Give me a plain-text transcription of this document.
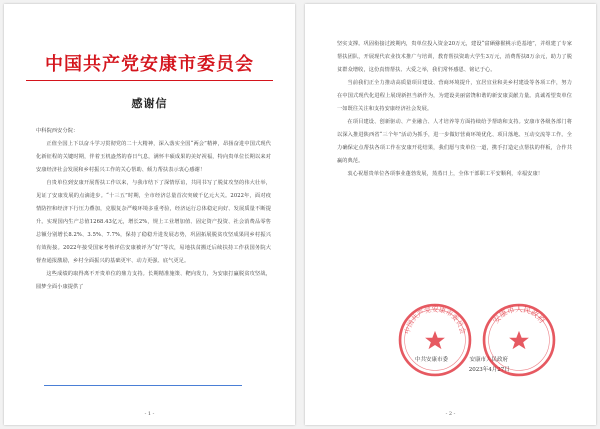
中国共产党安康市委员会
感谢信

中科院西安分院：

正值全国上下以奋斗学习贯彻党的二十大精神，深入落实全国“两会”精神，昂扬奋进中国式现代化新征程的关键时期，伴着玉机盎然的春日气息，满怀丰硕成果的美好祝福，特向贵单位长期以来对安康经济社会发展和乡村振兴工作的关心帮助、倾力帮扶表示衷心感谢！

自贵单位到安康开展帮扶工作以来，与我市结下了深情厚谊，共同书写了脱贫攻坚的伟大壮举，见证了安康发展的点滴进步。“十三五”时期，全市经济总量首次突破千亿元大关。2022年，面对疫情防控和经济下行压力叠加，克服复杂严峻环境多重考验，经济运行总体稳定向好、发展质量不断提升。实现国内生产总值1268.43亿元，增长2%，规上工业增加值、固定资产投资、社会消费品零售总额分别增长8.2%、3.5%、7.7%，保持了稳稳升进发展态势，巩固拓展脱贫攻坚成果同乡村振兴有效衔接。2022年接受国家考核评估安康被评为“好”等次，易地扶贫搬迁后续扶持工作获国务院大督查通报激励，乡村全面振兴的基础更牢、动力更强、底气更足。

这些成绩的取得离不开贵单位的鼎力支持。长期精准施策、靶向发力，为安康打赢脱贫攻坚战，圆梦全面小康提供了

- 1 -

坚实支撑。巩固衔接过渡期内，贵单位投入资金20万元，建设“富硒猕猴桃示范基地”，并组建了专家帮扶团队，开展现代农业技术推广与培训，教育帮扶资助大学生3万元，消费帮扶8万余元，助力了脱贫群众增收，这份真情帮扶、大爱之举，我们常怀感恩、铭记于心。

当前我们正全力推动高质量项目建设、营商环境提升，宜居宜业和美乡村建设等各项工作，努力在中国式现代化进程上展现新担当新作为，为建设美丽富饶和谐的新安康贡献力量。真诚希望贵单位一如既往关注和支持安康经济社会发展。

在项目建设、创新驱动、产业融合、人才培养等方面持续给予帮助和支持。安康市各级各部门将以深入推进陕西省“三个年”活动为抓手，进一步做好营商环境优化、项目落地、互动交流等工作。全力确保定点帮扶各项工作在安康开花结果，我们愿与贵单位一道，携手打造定点帮扶的样板，合作共赢的典范。

衷心祝愿贵单位各项事业蓬勃发展，蒸蒸日上，全体干部职工平安顺利，幸福安康！

中共安康市委	安康市人民政府
2023年4月27日
中国共产党安康市委员会
安康市人民政府
- 2 -
